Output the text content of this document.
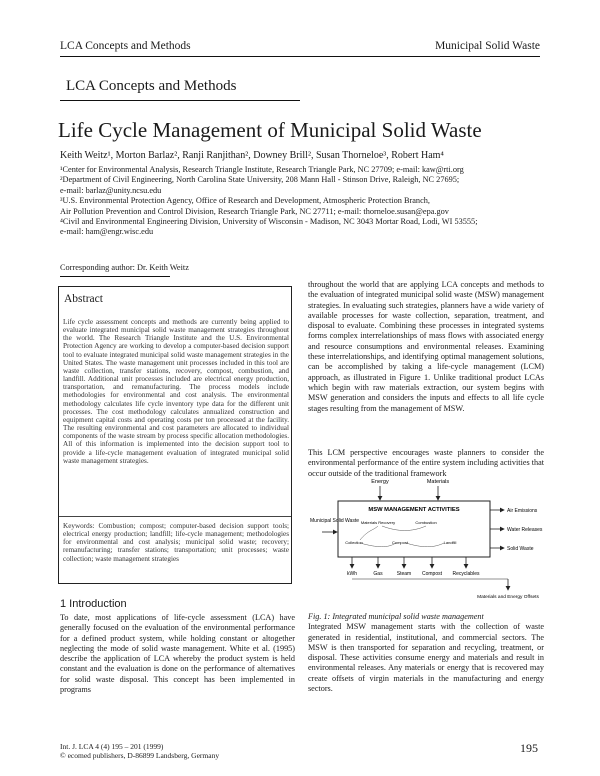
LCA Concepts and Methods	Municipal Solid Waste
LCA Concepts and Methods
Life Cycle Management of Municipal Solid Waste
Keith Weitz¹, Morton Barlaz², Ranji Ranjithan², Downey Brill², Susan Thorneloe³, Robert Ham⁴
¹Center for Environmental Analysis, Research Triangle Institute, Research Triangle Park, NC 27709; e-mail: kaw@rti.org
²Department of Civil Engineering, North Carolina State University, 208 Mann Hall - Stinson Drive, Raleigh, NC 27695;
e-mail: barlaz@unity.ncsu.edu
³U.S. Environmental Protection Agency, Office of Research and Development, Atmospheric Protection Branch,
Air Pollution Prevention and Control Division, Research Triangle Park, NC 27711; e-mail: thorneloe.susan@epa.gov
⁴Civil and Environmental Engineering Division, University of Wisconsin - Madison, NC 3043 Mortar Road, Lodi, WI 53555;
e-mail: ham@engr.wisc.edu
Corresponding author: Dr. Keith Weitz
Abstract
Life cycle assessment concepts and methods are currently being applied to evaluate integrated municipal solid waste management strategies throughout the world. The Research Triangle Institute and the U.S. Environmental Protection Agency are working to develop a computer-based decision support tool to evaluate integrated municipal solid waste management strategies in the United States. The waste management unit processes included in this tool are waste collection, transfer stations, recovery, compost, combustion, and landfill. Additional unit processes included are electrical energy production, transportation, and remanufacturing. The process models include methodologies for environmental and cost analysis. The environmental methodology calculates life cycle inventory type data for the different unit processes. The cost methodology calculates annualized construction and equipment capital costs and operating costs per ton processed at the facility. The resulting environmental and cost parameters are allocated to individual components of the waste stream by process specific allocation methodologies. All of this information is implemented into the decision support tool to provide a life-cycle management evaluation of integrated municipal solid waste management strategies.
Keywords: Combustion; compost; computer-based decision support tools; electrical energy production; landfill; life-cycle management; methodologies for environmental and cost analysis; municipal solid waste; recovery; remanufacturing; transfer stations; transportation; unit processes; waste collection; waste management strategies
1 Introduction
To date, most applications of life-cycle assessment (LCA) have generally focused on the evaluation of the environmental performance for a defined product system, while holding constant or altogether neglecting the mode of solid waste management. White et al. (1995) describe the application of LCA whereby the product system is held constant and the evaluation is done on the performance of alternatives for solid waste disposal. This concept has been implemented in programs
throughout the world that are applying LCA concepts and methods to the evaluation of integrated municipal solid waste (MSW) management strategies. In evaluating such strategies, planners have a wide variety of available processes for waste collection, separation, treatment, and disposal to evaluate. Combining these processes in integrated systems forms complex interrelationships of mass flows with associated energy and resource consumptions and environmental releases. Examining these interrelationships, and identifying optimal management solutions, can be accomplished by taking a life-cycle management (LCM) approach, as illustrated in Figure 1. Unlike traditional product LCAs which begin with raw materials extraction, our system begins with MSW generation and considers the inputs and effects to all life cycle stages resulting from the management of MSW.
This LCM perspective encourages waste planners to consider the environmental performance of the entire system including activities that occur outside of the traditional framework
Energy	Materials
MSW MANAGEMENT ACTIVITIES
Materials Recovery	Combustion
Collection	Compost	Landfill
Municipal Solid Waste
Air Emissions
Water Releases
Solid Waste
kWh	Gas	Steam Compost Recyclables
Materials and Energy Offsets
Fig. 1: Integrated municipal solid waste management
Integrated MSW management starts with the collection of waste generated in residential, institutional, and commercial sectors. The MSW is then transported for separation and recycling, treatment, or disposal. These activities consume energy and materials and result in environmental releases. Any materials or energy that is recovered may create offsets of virgin materials in the manufacturing and energy sectors.
Int. J. LCA 4 (4) 195 – 201 (1999)
© ecomed publishers, D-86899 Landsberg, Germany
195
